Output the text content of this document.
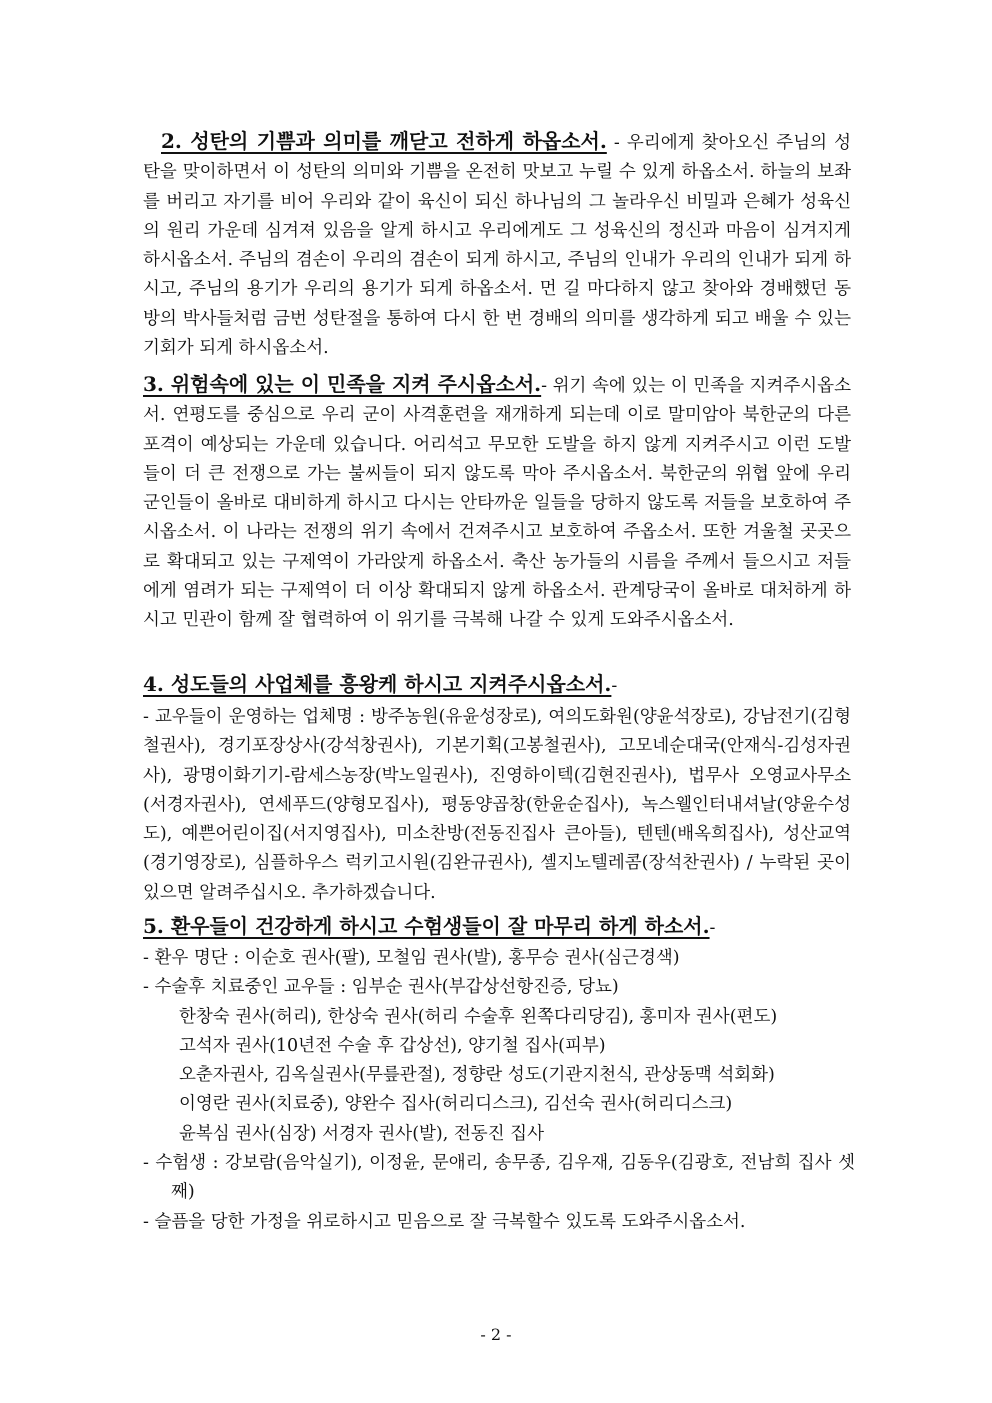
2. 성탄의 기쁨과 의미를 깨닫고 전하게 하옵소서. - 우리에게 찾아오신 주님의 성탄을 맞이하면서 이 성탄의 의미와 기쁨을 온전히 맛보고 누릴 수 있게 하옵소서. 하늘의 보좌를 버리고 자기를 비어 우리와 같이 육신이 되신 하나님의 그 놀라우신 비밀과 은혜가 성육신의 원리 가운데 심겨져 있음을 알게 하시고 우리에게도 그 성육신의 정신과 마음이 심겨지게 하시옵소서. 주님의 겸손이 우리의 겸손이 되게 하시고, 주님의 인내가 우리의 인내가 되게 하시고, 주님의 용기가 우리의 용기가 되게 하옵소서. 먼 길 마다하지 않고 찾아와 경배했던 동방의 박사들처럼 금번 성탄절을 통하여 다시 한 번 경배의 의미를 생각하게 되고 배울 수 있는 기회가 되게 하시옵소서.

3. 위험속에 있는 이 민족을 지켜 주시옵소서.- 위기 속에 있는 이 민족을 지켜주시옵소서. 연평도를 중심으로 우리 군이 사격훈련을 재개하게 되는데 이로 말미암아 북한군의 다른 포격이 예상되는 가운데 있습니다. 어리석고 무모한 도발을 하지 않게 지켜주시고 이런 도발들이 더 큰 전쟁으로 가는 불씨들이 되지 않도록 막아 주시옵소서. 북한군의 위협 앞에 우리 군인들이 올바로 대비하게 하시고 다시는 안타까운 일들을 당하지 않도록 저들을 보호하여 주시옵소서. 이 나라는 전쟁의 위기 속에서 건져주시고 보호하여 주옵소서. 또한 겨울철 곳곳으로 확대되고 있는 구제역이 가라앉게 하옵소서. 축산 농가들의 시름을 주께서 들으시고 저들에게 염려가 되는 구제역이 더 이상 확대되지 않게 하옵소서. 관계당국이 올바로 대처하게 하시고 민관이 함께 잘 협력하여 이 위기를 극복해 나갈 수 있게 도와주시옵소서.

4. 성도들의 사업체를 흥왕케 하시고 지켜주시옵소서.-

- 교우들이 운영하는 업체명 : 방주농원(유윤성장로), 여의도화원(양윤석장로), 강남전기(김형철권사), 경기포장상사(강석창권사), 기본기획(고봉철권사), 고모네순대국(안재식-김성자권사), 광명이화기기-람세스농장(박노일권사), 진영하이텍(김현진권사), 법무사 오영교사무소(서경자권사), 연세푸드(양형모집사), 평동양곱창(한윤순집사), 녹스웰인터내셔날(양윤수성도), 예쁜어린이집(서지영집사), 미소찬방(전동진집사 큰아들), 텐텐(배옥희집사), 성산교역(경기영장로), 심플하우스 럭키고시원(김완규권사), 셸지노텔레콤(장석찬권사) / 누락된 곳이 있으면 알려주십시오. 추가하겠습니다.

5. 환우들이 건강하게 하시고 수험생들이 잘 마무리 하게 하소서.-

- 환우 명단 : 이순호 권사(팔), 모철임 권사(발), 홍무승 권사(심근경색)
- 수술후 치료중인 교우들 : 임부순 권사(부갑상선항진증, 당뇨)
한창숙 권사(허리), 한상숙 권사(허리 수술후 왼쪽다리당김), 홍미자 권사(편도)
고석자 권사(10년전 수술 후 갑상선), 양기철 집사(피부)
오춘자권사, 김옥실권사(무릎관절), 정향란 성도(기관지천식, 관상동맥 석회화)
이영란 권사(치료중), 양완수 집사(허리디스크), 김선숙 권사(허리디스크)
윤복심 권사(심장) 서경자 권사(발), 전동진 집사
- 수험생 : 강보람(음악실기), 이정윤, 문애리, 송무종, 김우재, 김동우(김광호, 전남희 집사 셋째)
- 슬픔을 당한 가정을 위로하시고 믿음으로 잘 극복할수 있도록 도와주시옵소서.
- 2 -
